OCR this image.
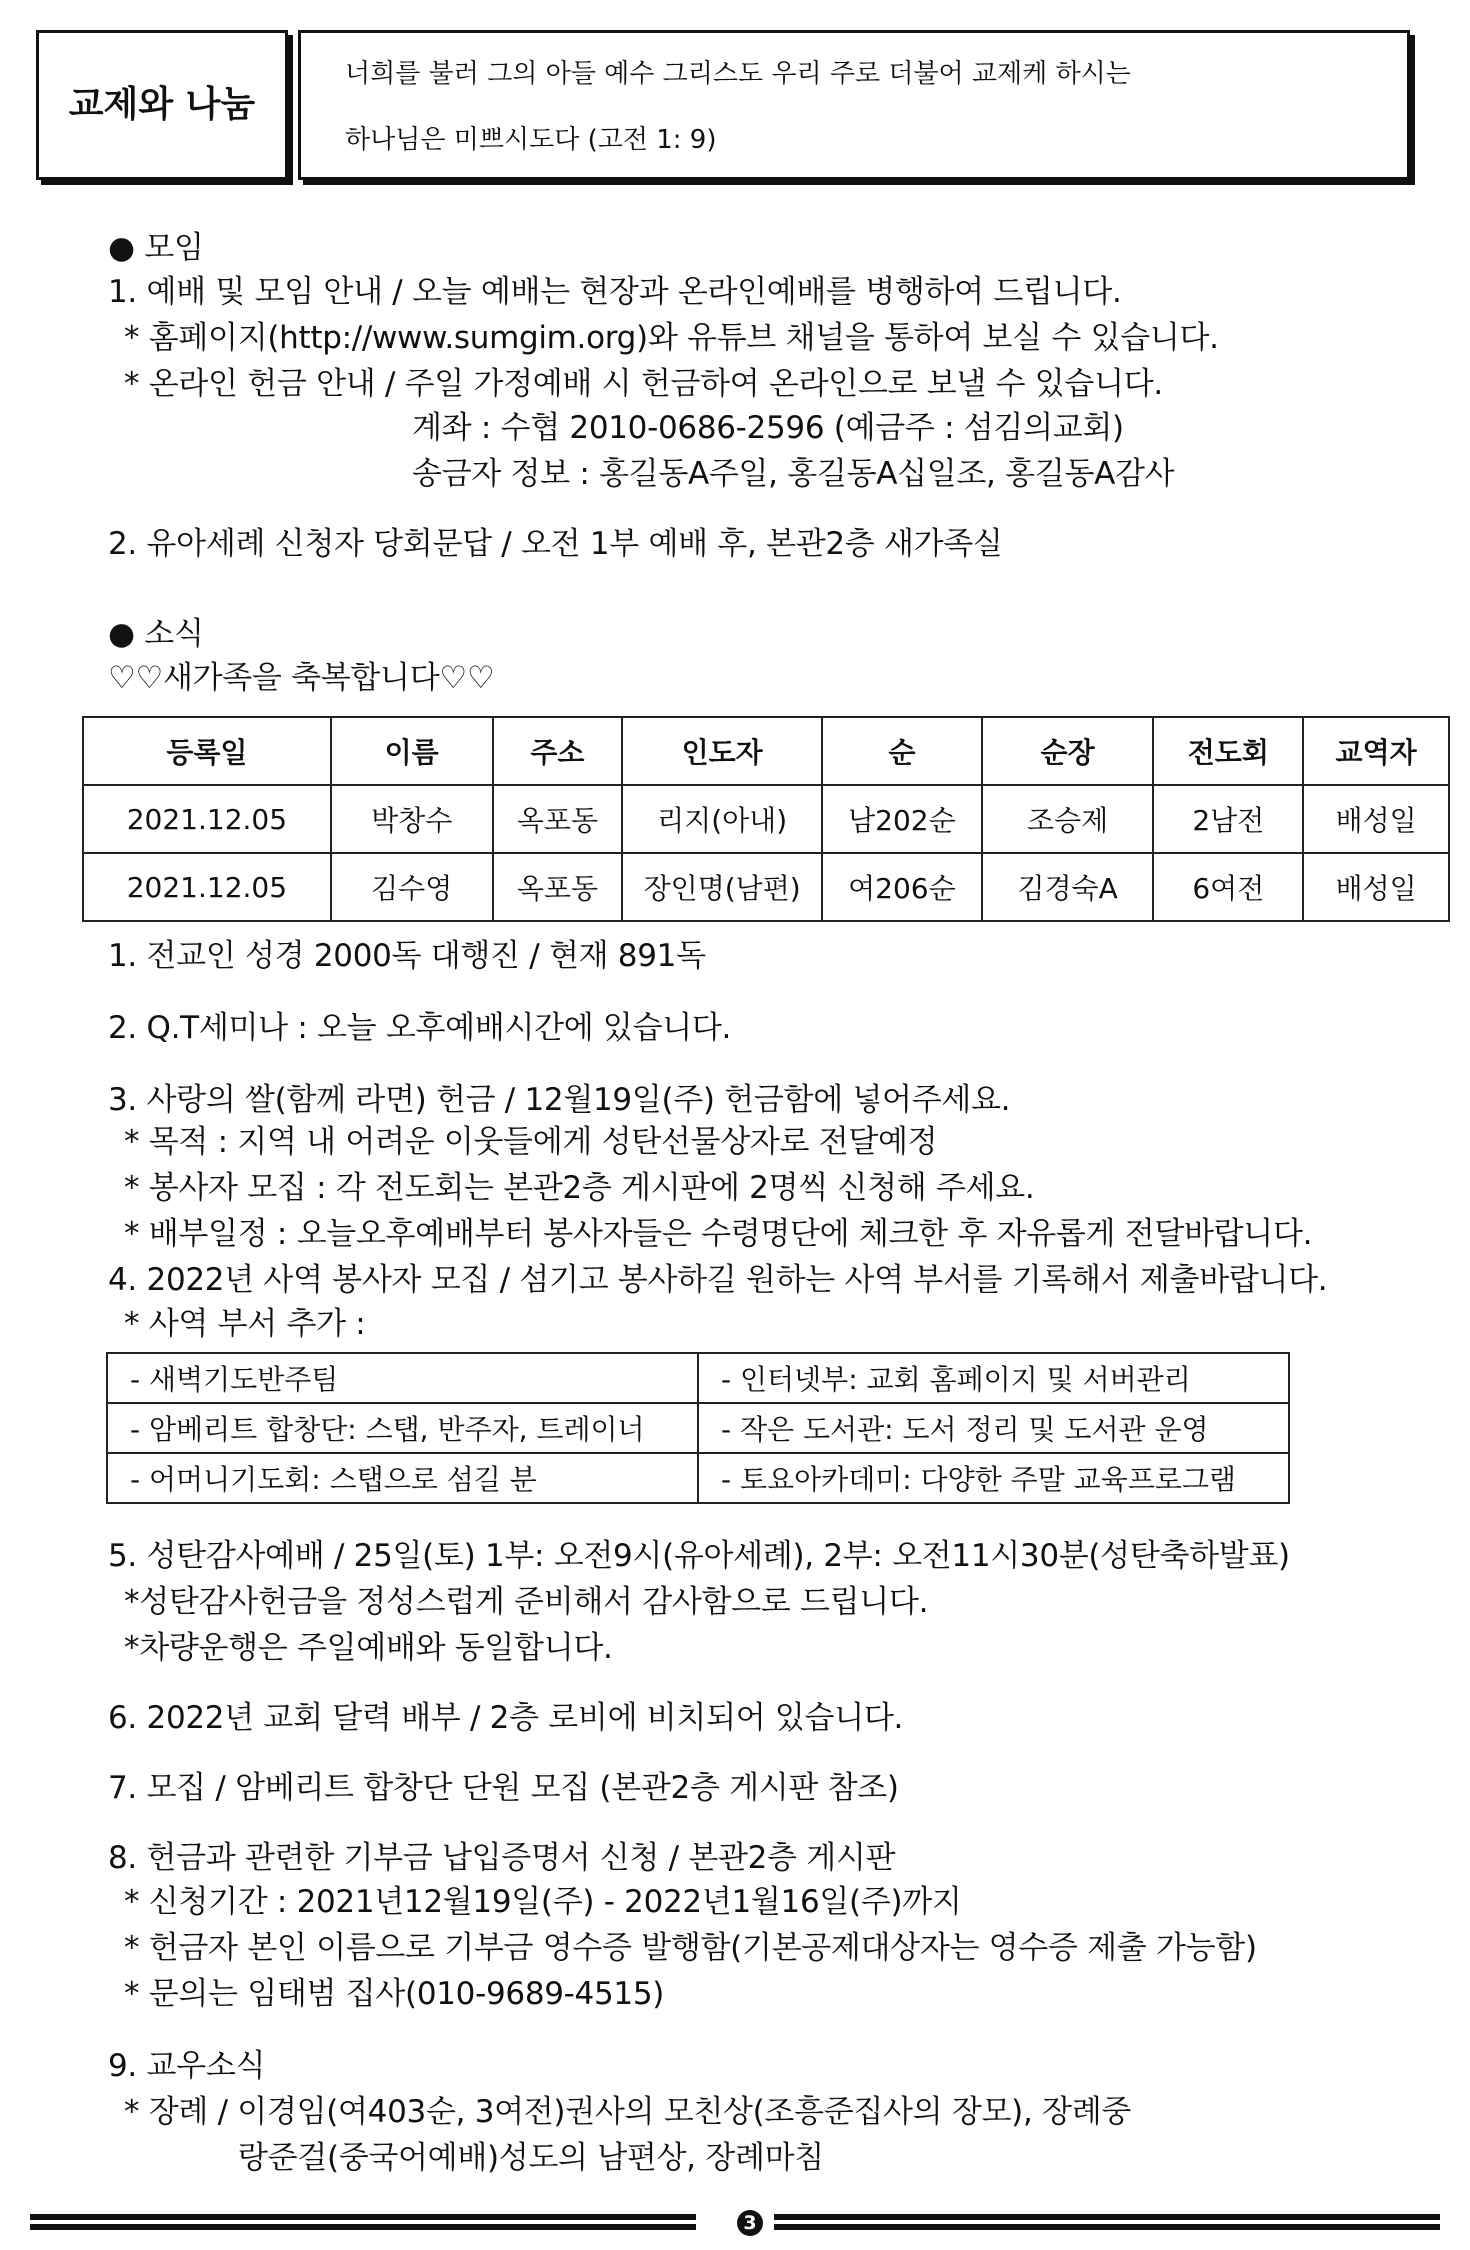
교제와 나눔
너희를 불러 그의 아들 예수 그리스도 우리 주로 더불어 교제케 하시는
하나님은 미쁘시도다 (고전 1: 9)
● 모임
1. 예배 및 모임 안내 / 오늘 예배는 현장과 온라인예배를 병행하여 드립니다.
* 홈페이지(http://www.sumgim.org)와 유튜브 채널을 통하여 보실 수 있습니다.
* 온라인 헌금 안내 / 주일 가정예배 시 헌금하여 온라인으로 보낼 수 있습니다.
계좌 : 수협 2010-0686-2596 (예금주 : 섬김의교회)
송금자 정보 : 홍길동A주일, 홍길동A십일조, 홍길동A감사
2. 유아세례 신청자 당회문답 / 오전 1부 예배 후, 본관2층 새가족실
● 소식
♡♡새가족을 축복합니다♡♡
등록일	이름	주소	인도자	순	순장	전도회	교역자
2021.12.05	박창수	옥포동	리지(아내)	남202순	조승제	2남전	배성일
2021.12.05	김수영	옥포동	장인명(남편)	여206순	김경숙A	6여전	배성일
1. 전교인 성경 2000독 대행진 / 현재 891독
2. Q.T세미나 : 오늘 오후예배시간에 있습니다.
3. 사랑의 쌀(함께 라면) 헌금 / 12월19일(주) 헌금함에 넣어주세요.
* 목적 : 지역 내 어려운 이웃들에게 성탄선물상자로 전달예정
* 봉사자 모집 : 각 전도회는 본관2층 게시판에 2명씩 신청해 주세요.
* 배부일정 : 오늘오후예배부터 봉사자들은 수령명단에 체크한 후 자유롭게 전달바랍니다.
4. 2022년 사역 봉사자 모집 / 섬기고 봉사하길 원하는 사역 부서를 기록해서 제출바랍니다.
* 사역 부서 추가 :
- 새벽기도반주팀	- 인터넷부: 교회 홈페이지 및 서버관리
- 암베리트 합창단: 스탭, 반주자, 트레이너	- 작은 도서관: 도서 정리 및 도서관 운영
- 어머니기도회: 스탭으로 섬길 분	- 토요아카데미: 다양한 주말 교육프로그램
5. 성탄감사예배 / 25일(토) 1부: 오전9시(유아세례), 2부: 오전11시30분(성탄축하발표)
*성탄감사헌금을 정성스럽게 준비해서 감사함으로 드립니다.
*차량운행은 주일예배와 동일합니다.
6. 2022년 교회 달력 배부 / 2층 로비에 비치되어 있습니다.
7. 모집 / 암베리트 합창단 단원 모집 (본관2층 게시판 참조)
8. 헌금과 관련한 기부금 납입증명서 신청 / 본관2층 게시판
* 신청기간 : 2021년12월19일(주) - 2022년1월16일(주)까지
* 헌금자 본인 이름으로 기부금 영수증 발행함(기본공제대상자는 영수증 제출 가능함)
* 문의는 임태범 집사(010-9689-4515)
9. 교우소식
* 장례 / 이경임(여403순, 3여전)권사의 모친상(조흥준집사의 장모), 장례중
랑준걸(중국어예배)성도의 남편상, 장례마침
3
